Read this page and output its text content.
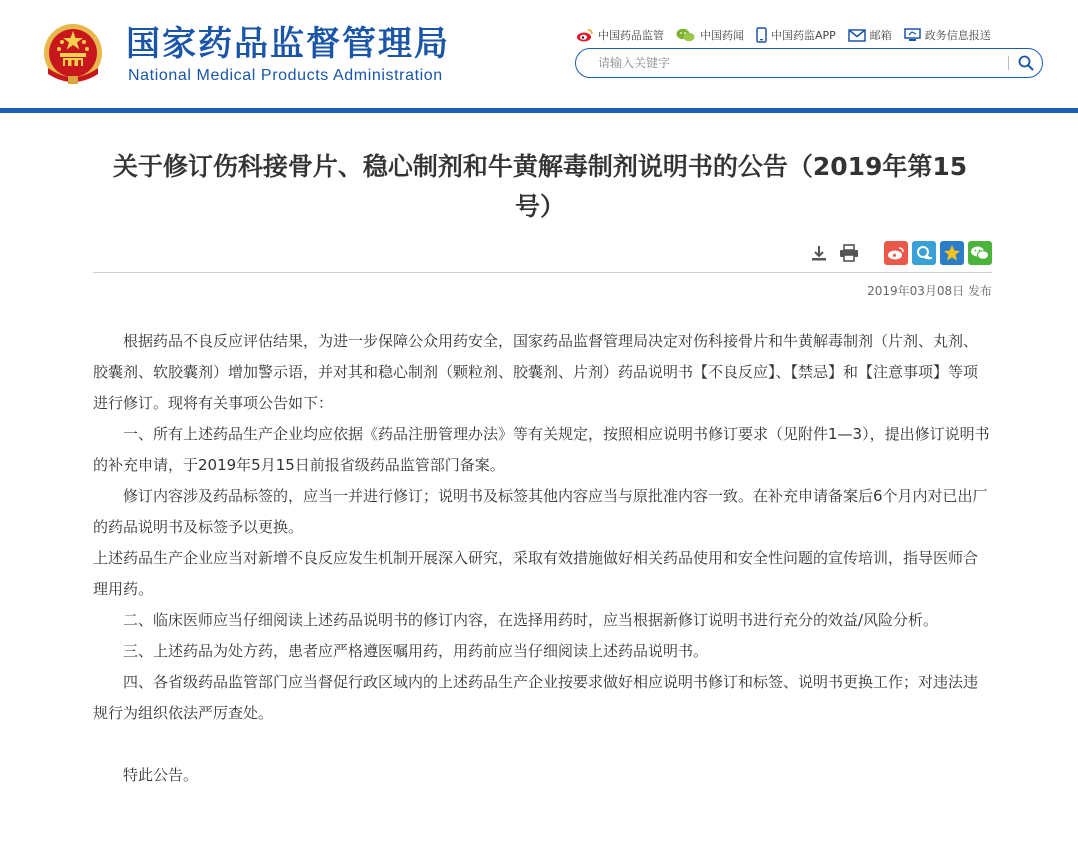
国家药品监督管理局
National Medical Products Administration
中国药品监管	中国药闻 中国药监APP	邮箱	政务信息报送
请输入关键字
关于修订伤科接骨片、稳心制剂和牛黄解毒制剂说明书的公告（2019年第15号）
2019年03月08日 发布

根据药品不良反应评估结果，为进一步保障公众用药安全，国家药品监督管理局决定对伤科接骨片和牛黄解毒制剂（片剂、丸剂、胶囊剂、软胶囊剂）增加警示语，并对其和稳心制剂（颗粒剂、胶囊剂、片剂）药品说明书【不良反应】、【禁忌】和【注意事项】等项进行修订。现将有关事项公告如下：

一、所有上述药品生产企业均应依据《药品注册管理办法》等有关规定，按照相应说明书修订要求（见附件1—3），提出修订说明书的补充申请，于2019年5月15日前报省级药品监管部门备案。

修订内容涉及药品标签的，应当一并进行修订；说明书及标签其他内容应当与原批准内容一致。在补充申请备案后6个月内对已出厂的药品说明书及标签予以更换。

上述药品生产企业应当对新增不良反应发生机制开展深入研究，采取有效措施做好相关药品使用和安全性问题的宣传培训，指导医师合理用药。

二、临床医师应当仔细阅读上述药品说明书的修订内容，在选择用药时，应当根据新修订说明书进行充分的效益/风险分析。

三、上述药品为处方药，患者应严格遵医嘱用药，用药前应当仔细阅读上述药品说明书。

四、各省级药品监管部门应当督促行政区域内的上述药品生产企业按要求做好相应说明书修订和标签、说明书更换工作；对违法违规行为组织依法严厉查处。

特此公告。
